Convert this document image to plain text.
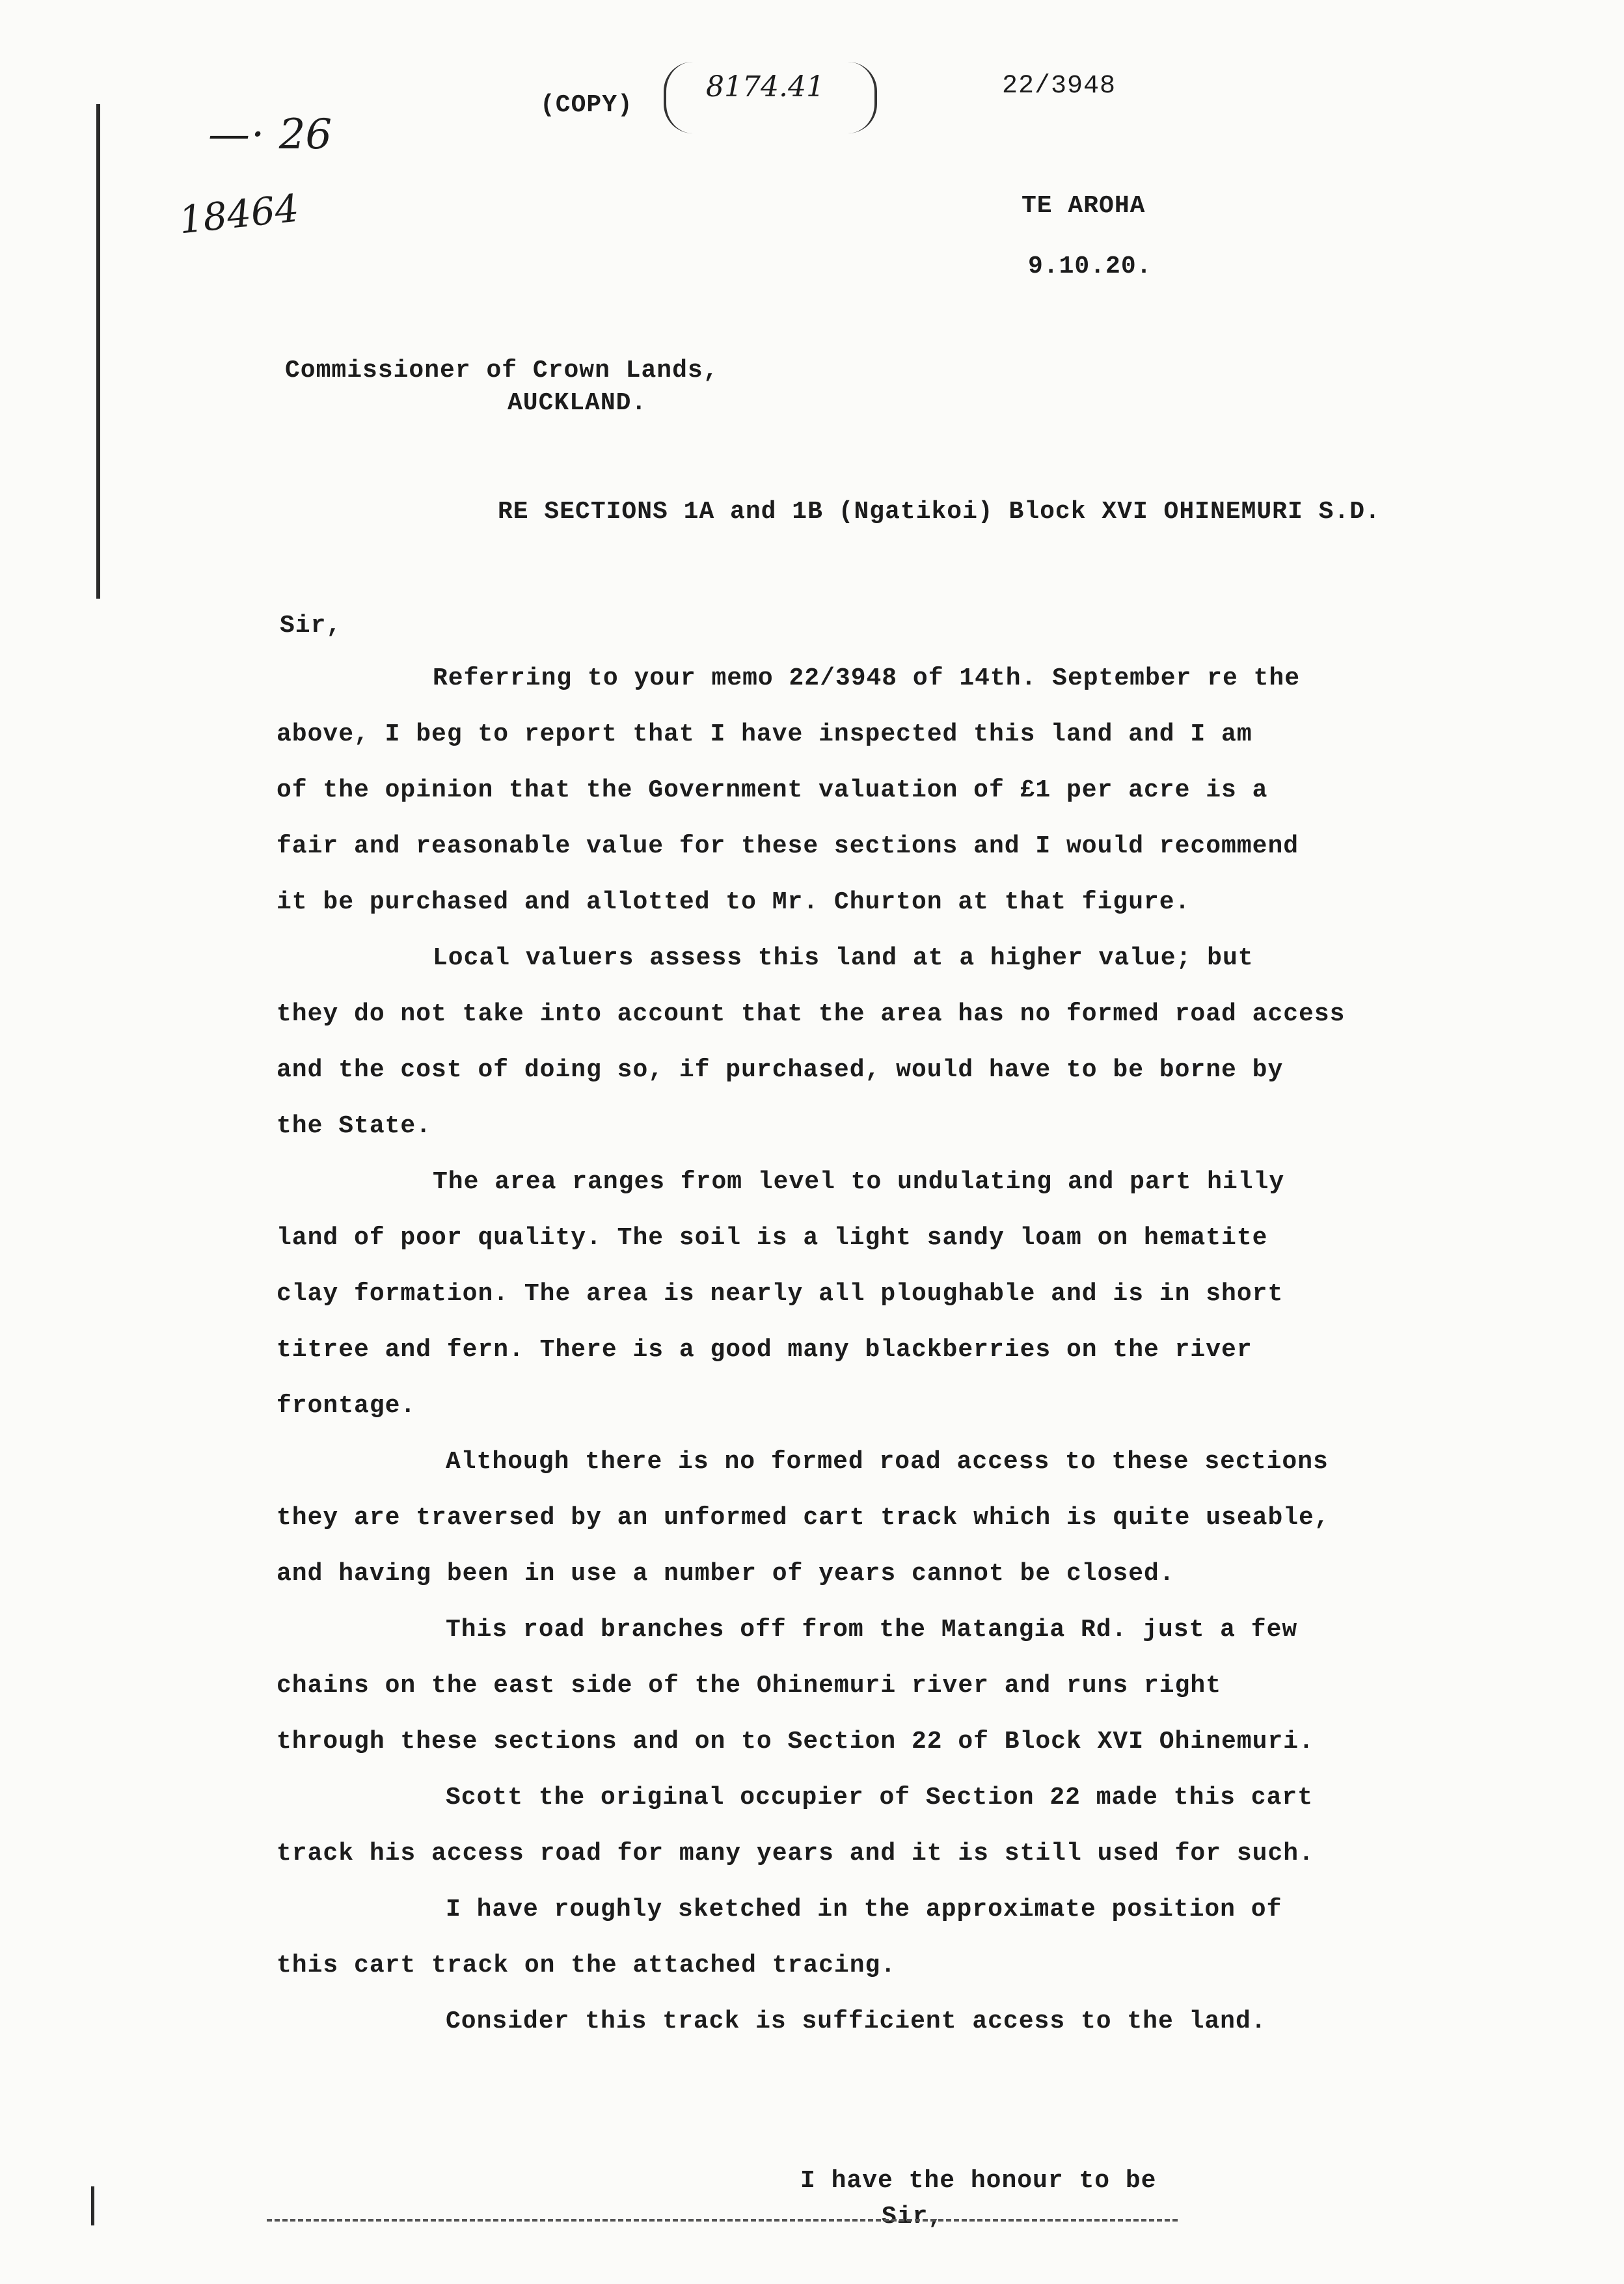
—· 26
18464
(COPY)
8174.41	22/3948
TE AROHA
9.10.20.
Commissioner of Crown Lands,
AUCKLAND.
RE SECTIONS 1A and 1B (Ngatikoi) Block XVI OHINEMURI S.D.
Sir,

Referring to your memo 22/3948 of 14th. September re the

above, I beg to report that I have inspected this land and I am

of the opinion that the Government valuation of £1 per acre is a

fair and reasonable value for these sections and I would recommend

it be purchased and allotted to Mr. Churton at that figure.

Local valuers assess this land at a higher value; but

they do not take into account that the area has no formed road access

and the cost of doing so, if purchased, would have to be borne by

the State.

The area ranges from level to undulating and part hilly

land of poor quality. The soil is a light sandy loam on hematite

clay formation. The area is nearly all ploughable and is in short

titree and fern. There is a good many blackberries on the river

frontage.

Although there is no formed road access to these sections

they are traversed by an unformed cart track which is quite useable,

and having been in use a number of years cannot be closed.

This road branches off from the Matangia Rd. just a few

chains on the east side of the Ohinemuri river and runs right

through these sections and on to Section 22 of Block XVI Ohinemuri.

Scott the original occupier of Section 22 made this cart

track his access road for many years and it is still used for such.

I have roughly sketched in the approximate position of

this cart track on the attached tracing.

Consider this track is sufficient access to the land.

I have the honour to be
Sir,
